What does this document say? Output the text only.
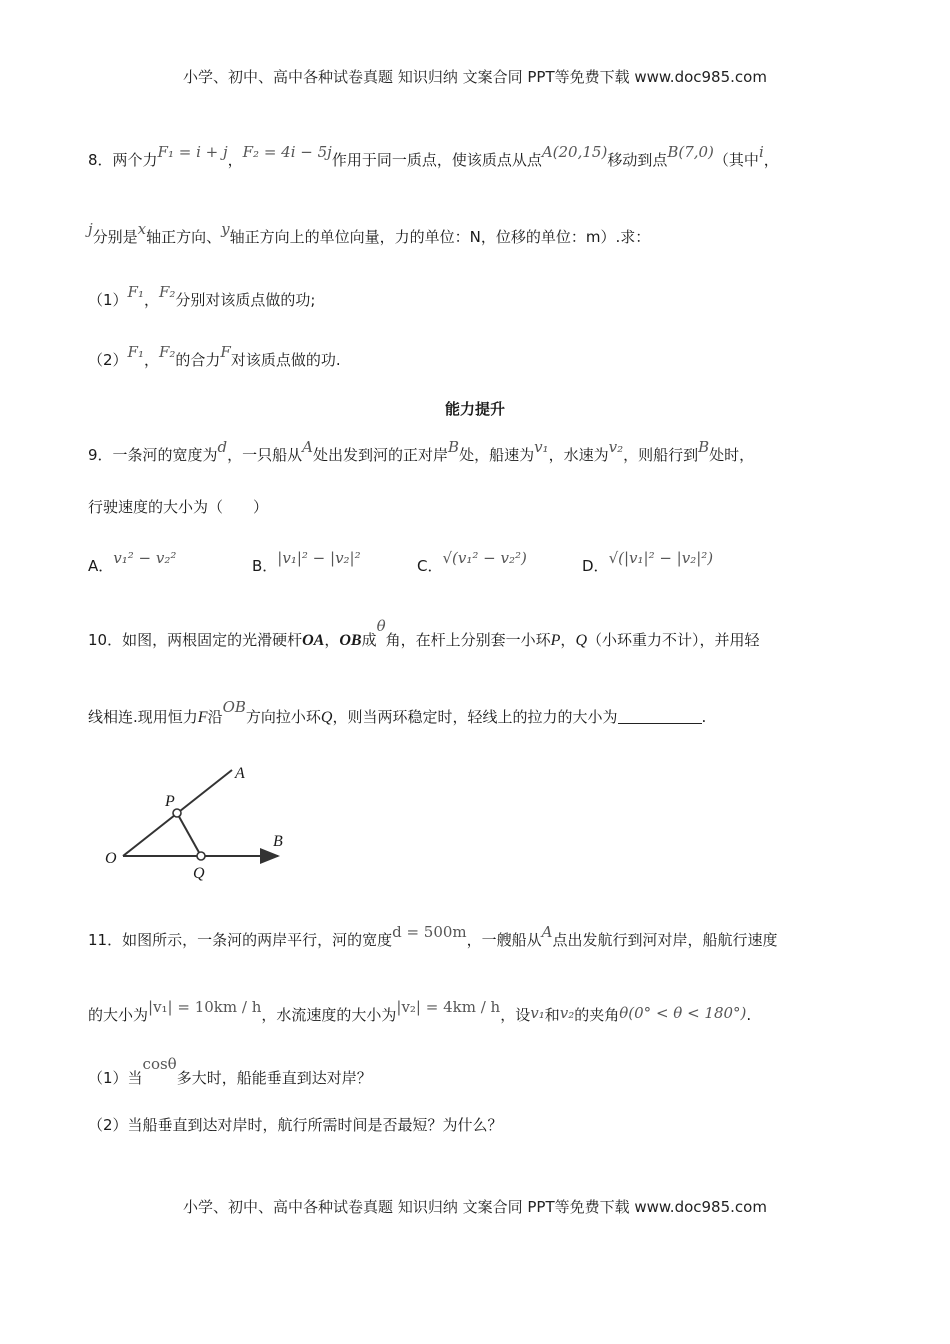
小学、初中、高中各种试卷真题 知识归纳 文案合同 PPT等免费下载 www.doc985.com
8．两个力F₁ = i + j，F₂ = 4i − 5j作用于同一质点，使该质点从点A(20,15)移动到点B(7,0)（其中i，
j分别是x轴正方向、y轴正方向上的单位向量，力的单位：N，位移的单位：m）.求：
（1）F₁，F₂分别对该质点做的功;
（2）F₁，F₂的合力F对该质点做的功.
能力提升
9．一条河的宽度为d，一只船从A处出发到河的正对岸B处，船速为v₁，水速为v₂，则船行到B处时，
行驶速度的大小为（　　）
A．v₁² − v₂²	B．|v₁|² − |v₂|²	C．√(v₁² − v₂²)	D．√(|v₁|² − |v₂|²)
10．如图，两根固定的光滑硬杆OA，OB成θ角，在杆上分别套一小环P，Q（小环重力不计），并用轻
线相连.现用恒力F沿OB方向拉小环Q，则当两环稳定时，轻线上的拉力的大小为	.
A
B
O
P
Q
11．如图所示，一条河的两岸平行，河的宽度d = 500m，一艘船从A点出发航行到河对岸，船航行速度
的大小为|v₁| = 10km / h，水流速度的大小为|v₂| = 4km / h，设v₁和v₂的夹角θ(0° < θ < 180°).
（1）当cosθ多大时，船能垂直到达对岸？
（2）当船垂直到达对岸时，航行所需时间是否最短？为什么？
小学、初中、高中各种试卷真题 知识归纳 文案合同 PPT等免费下载 www.doc985.com
